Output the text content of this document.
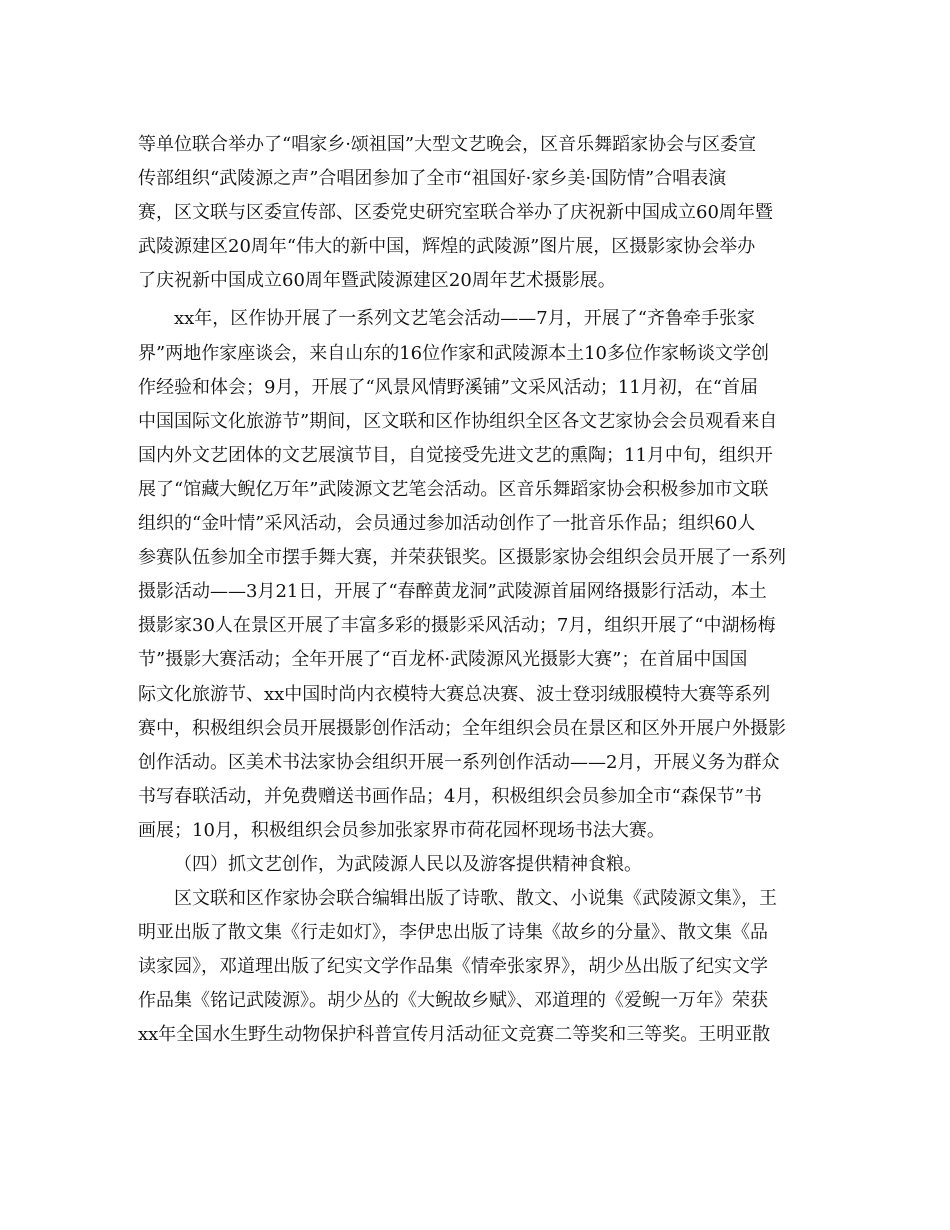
等单位联合举办了“唱家乡·颂祖国”大型文艺晚会，区音乐舞蹈家协会与区委宣
传部组织“武陵源之声”合唱团参加了全市“祖国好·家乡美·国防情”合唱表演
赛，区文联与区委宣传部、区委党史研究室联合举办了庆祝新中国成立60周年暨
武陵源建区20周年“伟大的新中国，辉煌的武陵源”图片展，区摄影家协会举办
了庆祝新中国成立60周年暨武陵源建区20周年艺术摄影展。
xx年，区作协开展了一系列文艺笔会活动——7月，开展了“齐鲁牵手张家
界”两地作家座谈会，来自山东的16位作家和武陵源本土10多位作家畅谈文学创
作经验和体会；9月，开展了“风景风情野溪铺”文采风活动；11月初，在“首届
中国国际文化旅游节”期间，区文联和区作协组织全区各文艺家协会会员观看来自
国内外文艺团体的文艺展演节目，自觉接受先进文艺的熏陶；11月中旬，组织开
展了“馆藏大鲵亿万年”武陵源文艺笔会活动。区音乐舞蹈家协会积极参加市文联
组织的“金叶情”采风活动，会员通过参加活动创作了一批音乐作品；组织60人
参赛队伍参加全市摆手舞大赛，并荣获银奖。区摄影家协会组织会员开展了一系列
摄影活动——3月21日，开展了“春醉黄龙洞”武陵源首届网络摄影行活动，本土
摄影家30人在景区开展了丰富多彩的摄影采风活动；7月，组织开展了“中湖杨梅
节”摄影大赛活动；全年开展了“百龙杯·武陵源风光摄影大赛”；在首届中国国
际文化旅游节、xx中国时尚内衣模特大赛总决赛、波士登羽绒服模特大赛等系列
赛中，积极组织会员开展摄影创作活动；全年组织会员在景区和区外开展户外摄影
创作活动。区美术书法家协会组织开展一系列创作活动——2月，开展义务为群众
书写春联活动，并免费赠送书画作品；4月，积极组织会员参加全市“森保节”书
画展；10月，积极组织会员参加张家界市荷花园杯现场书法大赛。
（四）抓文艺创作，为武陵源人民以及游客提供精神食粮。
区文联和区作家协会联合编辑出版了诗歌、散文、小说集《武陵源文集》，王
明亚出版了散文集《行走如灯》，李伊忠出版了诗集《故乡的分量》、散文集《品
读家园》，邓道理出版了纪实文学作品集《情牵张家界》，胡少丛出版了纪实文学
作品集《铭记武陵源》。胡少丛的《大鲵故乡赋》、邓道理的《爱鲵一万年》荣获
xx年全国水生野生动物保护科普宣传月活动征文竞赛二等奖和三等奖。王明亚散
